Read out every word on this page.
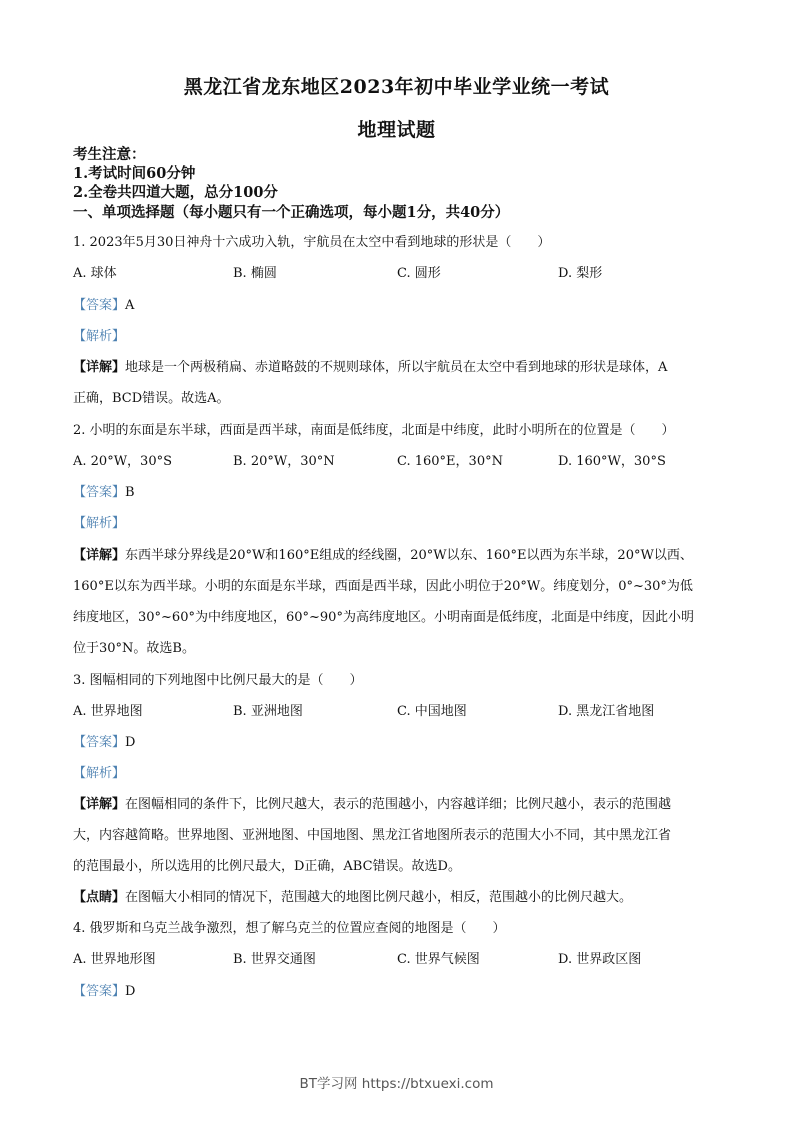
黑龙江省龙东地区2023年初中毕业学业统一考试
地理试题
考生注意：
1.考试时间60分钟
2.全卷共四道大题，总分100分
一、单项选择题（每小题只有一个正确选项，每小题1分，共40分）
1. 2023年5月30日神舟十六成功入轨，宇航员在太空中看到地球的形状是（　　）
A. 球体	B. 椭圆	C. 圆形	D. 梨形
【答案】A
【解析】
【详解】地球是一个两极稍扁、赤道略鼓的不规则球体，所以宇航员在太空中看到地球的形状是球体，A
正确，BCD错误。故选A。
2. 小明的东面是东半球，西面是西半球，南面是低纬度，北面是中纬度，此时小明所在的位置是（　　）
A. 20°W，30°S	B. 20°W，30°N	C. 160°E，30°N	D. 160°W，30°S
【答案】B
【解析】
【详解】东西半球分界线是20°W和160°E组成的经线圈，20°W以东、160°E以西为东半球，20°W以西、
160°E以东为西半球。小明的东面是东半球，西面是西半球，因此小明位于20°W。纬度划分，0°~30°为低
纬度地区，30°~60°为中纬度地区，60°~90°为高纬度地区。小明南面是低纬度，北面是中纬度，因此小明
位于30°N。故选B。
3. 图幅相同的下列地图中比例尺最大的是（　　）
A. 世界地图	B. 亚洲地图	C. 中国地图	D. 黑龙江省地图
【答案】D
【解析】
【详解】在图幅相同的条件下，比例尺越大，表示的范围越小，内容越详细；比例尺越小，表示的范围越
大，内容越简略。世界地图、亚洲地图、中国地图、黑龙江省地图所表示的范围大小不同，其中黑龙江省
的范围最小，所以选用的比例尺最大，D正确，ABC错误。故选D。
【点睛】在图幅大小相同的情况下，范围越大的地图比例尺越小，相反，范围越小的比例尺越大。
4. 俄罗斯和乌克兰战争激烈，想了解乌克兰的位置应查阅的地图是（　　）
A. 世界地形图	B. 世界交通图	C. 世界气候图	D. 世界政区图
【答案】D
BT学习网 https://btxuexi.com
